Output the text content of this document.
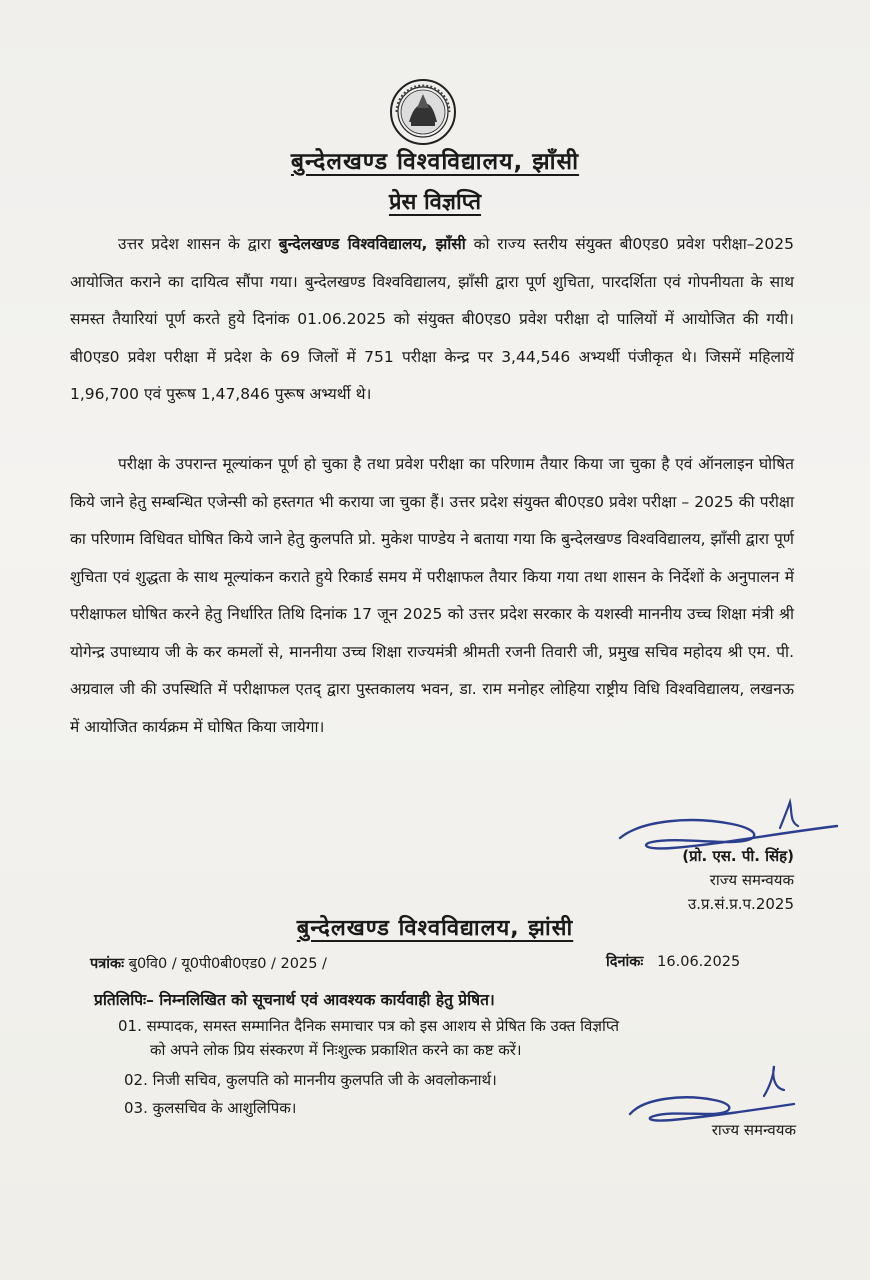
बुन्देलखण्ड विश्वविद्यालय, झाँसी
प्रेस विज्ञप्ति
उत्तर प्रदेश शासन के द्वारा बुन्देलखण्ड विश्वविद्यालय, झाँसी को राज्य स्तरीय संयुक्त बी0एड0 प्रवेश परीक्षा–2025 आयोजित कराने का दायित्व सौंपा गया। बुन्देलखण्ड विश्वविद्यालय, झाँसी द्वारा पूर्ण शुचिता, पारदर्शिता एवं गोपनीयता के साथ समस्त तैयारियां पूर्ण करते हुये दिनांक 01.06.2025 को संयुक्त बी0एड0 प्रवेश परीक्षा दो पालियों में आयोजित की गयी। बी0एड0 प्रवेश परीक्षा में प्रदेश के 69 जिलों में 751 परीक्षा केन्द्र पर 3,44,546 अभ्यर्थी पंजीकृत थे। जिसमें महिलायें 1,96,700 एवं पुरूष 1,47,846 पुरूष अभ्यर्थी थे।
परीक्षा के उपरान्त मूल्यांकन पूर्ण हो चुका है तथा प्रवेश परीक्षा का परिणाम तैयार किया जा चुका है एवं ऑनलाइन घोषित किये जाने हेतु सम्बन्धित एजेन्सी को हस्तगत भी कराया जा चुका हैं। उत्तर प्रदेश संयुक्त बी0एड0 प्रवेश परीक्षा – 2025 की परीक्षा का परिणाम विधिवत घोषित किये जाने हेतु कुलपति प्रो. मुकेश पाण्डेय ने बताया गया कि बुन्देलखण्ड विश्वविद्यालय, झाँसी द्वारा पूर्ण शुचिता एवं शुद्धता के साथ मूल्यांकन कराते हुये रिकार्ड समय में परीक्षाफल तैयार किया गया तथा शासन के निर्देशों के अनुपालन में परीक्षाफल घोषित करने हेतु निर्धारित तिथि दिनांक 17 जून 2025 को उत्तर प्रदेश सरकार के यशस्वी माननीय उच्च शिक्षा मंत्री श्री योगेन्द्र उपाध्याय जी के कर कमलों से, माननीया उच्च शिक्षा राज्यमंत्री श्रीमती रजनी तिवारी जी, प्रमुख सचिव महोदय श्री एम. पी. अग्रवाल जी की उपस्थिति में परीक्षाफल एतद् द्वारा पुस्तकालय भवन, डा. राम मनोहर लोहिया राष्ट्रीय विधि विश्वविद्यालय, लखनऊ में आयोजित कार्यक्रम में घोषित किया जायेगा।
(प्रो. एस. पी. सिंह)
राज्य समन्वयक
उ.प्र.सं.प्र.प.2025
बुन्देलखण्ड विश्वविद्यालय, झांसी
पत्रांकः बु0वि0 / यू0पी0बी0एड0 / 2025 /	दिनांकः 16.06.2025
प्रतिलिपिः– निम्नलिखित को सूचनार्थ एवं आवश्यक कार्यवाही हेतु प्रेषित।
01. सम्पादक, समस्त सम्मानित दैनिक समाचार पत्र को इस आशय से प्रेषित कि उक्त विज्ञप्ति
को अपने लोक प्रिय संस्करण में निःशुल्क प्रकाशित करने का कष्ट करें।
02. निजी सचिव, कुलपति को माननीय कुलपति जी के अवलोकनार्थ।
03. कुलसचिव के आशुलिपिक।
राज्य समन्वयक
